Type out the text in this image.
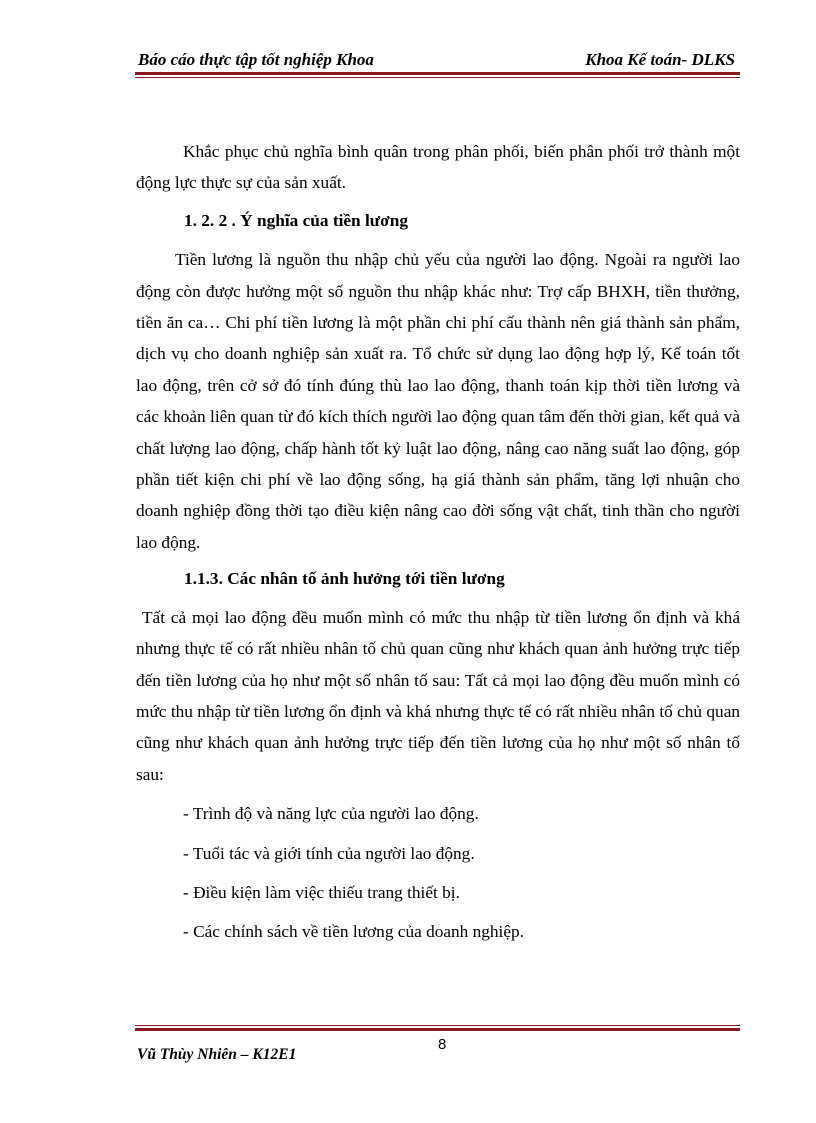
Báo cáo thực tập tốt nghiệp Khoa	Khoa Kế toán- DLKS

Khắc phục chủ nghĩa bình quân trong phân phối, biến phân phối trở thành một động lực thực sự của sản xuất.

1. 2. 2 . Ý nghĩa của tiền lương

Tiền lương là nguồn thu nhập chủ yếu của người lao động. Ngoài ra người lao động còn được hưởng một số nguồn thu nhập khác như: Trợ cấp BHXH, tiền thưởng, tiền ăn ca… Chi phí tiền lương là một phần chi phí cấu thành nên giá thành sản phẩm, dịch vụ cho doanh nghiệp sản xuất ra. Tổ chức sử dụng lao động hợp lý, Kế toán tốt lao động, trên cở sở đó tính đúng thù lao lao động, thanh toán kịp thời tiền lương và các khoản liên quan từ đó kích thích người lao động quan tâm đến thời gian, kết quả và chất lượng lao động, chấp hành tốt kỷ luật lao động, nâng cao năng suất lao động, góp phần tiết kiện chi phí về lao động sống, hạ giá thành sản phẩm, tăng lợi nhuận cho doanh nghiệp đồng thời tạo điều kiện nâng cao đời sống vật chất, tinh thần cho người lao động.

1.1.3. Các nhân tố ảnh hưởng tới tiền lương

Tất cả mọi lao động đều muốn mình có mức thu nhập từ tiền lương ổn định và khá nhưng thực tế có rất nhiều nhân tố chủ quan cũng như khách quan ảnh hưởng trực tiếp đến tiền lương của họ như một số nhân tố sau: Tất cả mọi lao động đều muốn mình có mức thu nhập từ tiền lương ổn định và khá nhưng thực tế có rất nhiều nhân tố chủ quan cũng như khách quan ảnh hưởng trực tiếp đến tiền lương của họ như một số nhân tố sau:

- Trình độ và năng lực của người lao động.

- Tuổi tác và giới tính của người lao động.

- Điều kiện làm việc thiếu trang thiết bị.

- Các chính sách về tiền lương của doanh nghiệp.

8
Vũ Thùy Nhiên – K12E1
